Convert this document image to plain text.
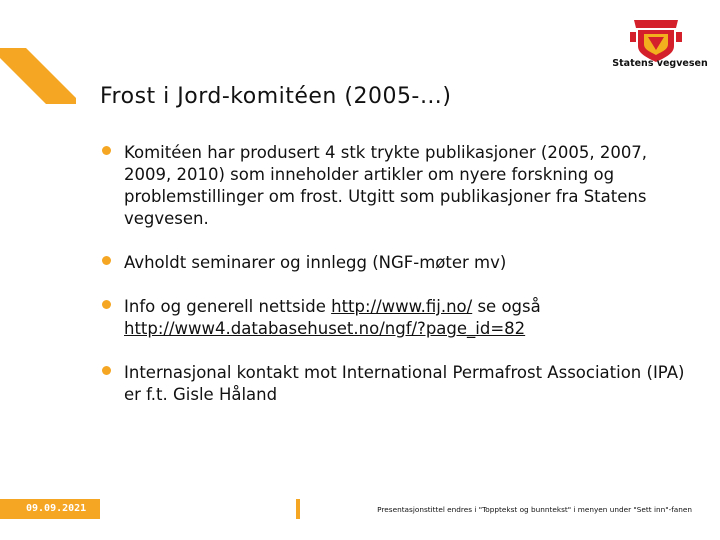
Statens vegvesen
Frost i Jord-komitéen (2005-…)
Komitéen har produsert 4 stk trykte publikasjoner (2005, 2007, 2009, 2010) som inneholder artikler om nyere forskning og problemstillinger om frost. Utgitt som publikasjoner fra Statens vegvesen.
Avholdt seminarer og innlegg (NGF-møter mv)
Info og generell nettside http://www.fij.no/ se også http://www4.databasehuset.no/ngf/?page_id=82
Internasjonal kontakt mot International Permafrost Association (IPA) er f.t. Gisle Håland
09.09.2021	Presentasjonstittel endres i "Topptekst og bunntekst" i menyen under "Sett inn"-fanen
